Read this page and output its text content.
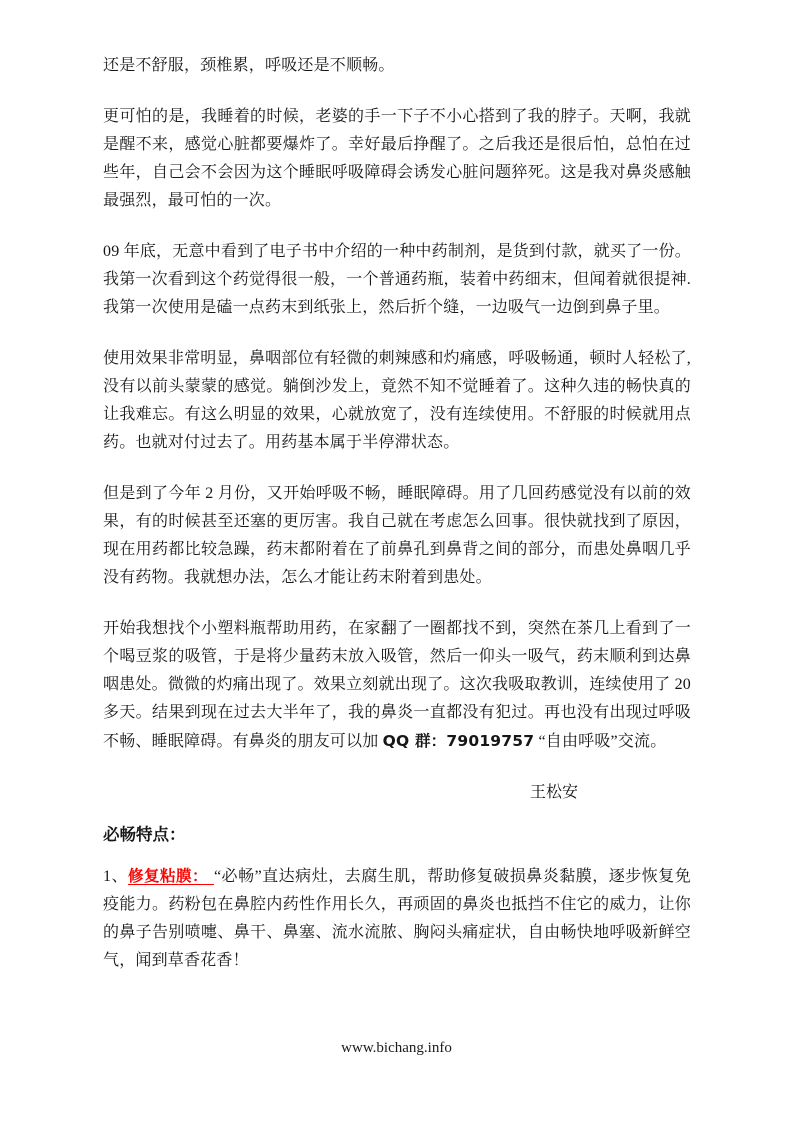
还是不舒服，颈椎累，呼吸还是不顺畅。
更可怕的是，我睡着的时候，老婆的手一下子不小心搭到了我的脖子。天啊，我就
是醒不来，感觉心脏都要爆炸了。幸好最后挣醒了。之后我还是很后怕，总怕在过
些年，自己会不会因为这个睡眠呼吸障碍会诱发心脏问题猝死。这是我对鼻炎感触
最强烈，最可怕的一次。
09 年底，无意中看到了电子书中介绍的一种中药制剂，是货到付款，就买了一份。
我第一次看到这个药觉得很一般，一个普通药瓶，装着中药细末，但闻着就很提神.
我第一次使用是磕一点药末到纸张上，然后折个缝，一边吸气一边倒到鼻子里。
使用效果非常明显，鼻咽部位有轻微的刺辣感和灼痛感，呼吸畅通，顿时人轻松了,
没有以前头蒙蒙的感觉。躺倒沙发上，竟然不知不觉睡着了。这种久违的畅快真的
让我难忘。有这么明显的效果，心就放宽了，没有连续使用。不舒服的时候就用点
药。也就对付过去了。用药基本属于半停滞状态。
但是到了今年 2 月份，又开始呼吸不畅，睡眠障碍。用了几回药感觉没有以前的效
果，有的时候甚至还塞的更厉害。我自己就在考虑怎么回事。很快就找到了原因，
现在用药都比较急躁，药末都附着在了前鼻孔到鼻背之间的部分，而患处鼻咽几乎
没有药物。我就想办法，怎么才能让药末附着到患处。
开始我想找个小塑料瓶帮助用药，在家翻了一圈都找不到，突然在茶几上看到了一
个喝豆浆的吸管，于是将少量药末放入吸管，然后一仰头一吸气，药末顺利到达鼻
咽患处。微微的灼痛出现了。效果立刻就出现了。这次我吸取教训，连续使用了 20
多天。结果到现在过去大半年了，我的鼻炎一直都没有犯过。再也没有出现过呼吸
不畅、睡眠障碍。有鼻炎的朋友可以加 QQ 群：79019757 “自由呼吸”交流。
王松安
必畅特点：
1、修复粘膜： “必畅”直达病灶，去腐生肌，帮助修复破损鼻炎黏膜，逐步恢复免
疫能力。药粉包在鼻腔内药性作用长久，再顽固的鼻炎也抵挡不住它的威力，让你
的鼻子告别喷嚏、鼻干、鼻塞、流水流脓、胸闷头痛症状，自由畅快地呼吸新鲜空
气，闻到草香花香！
www.bichang.info
